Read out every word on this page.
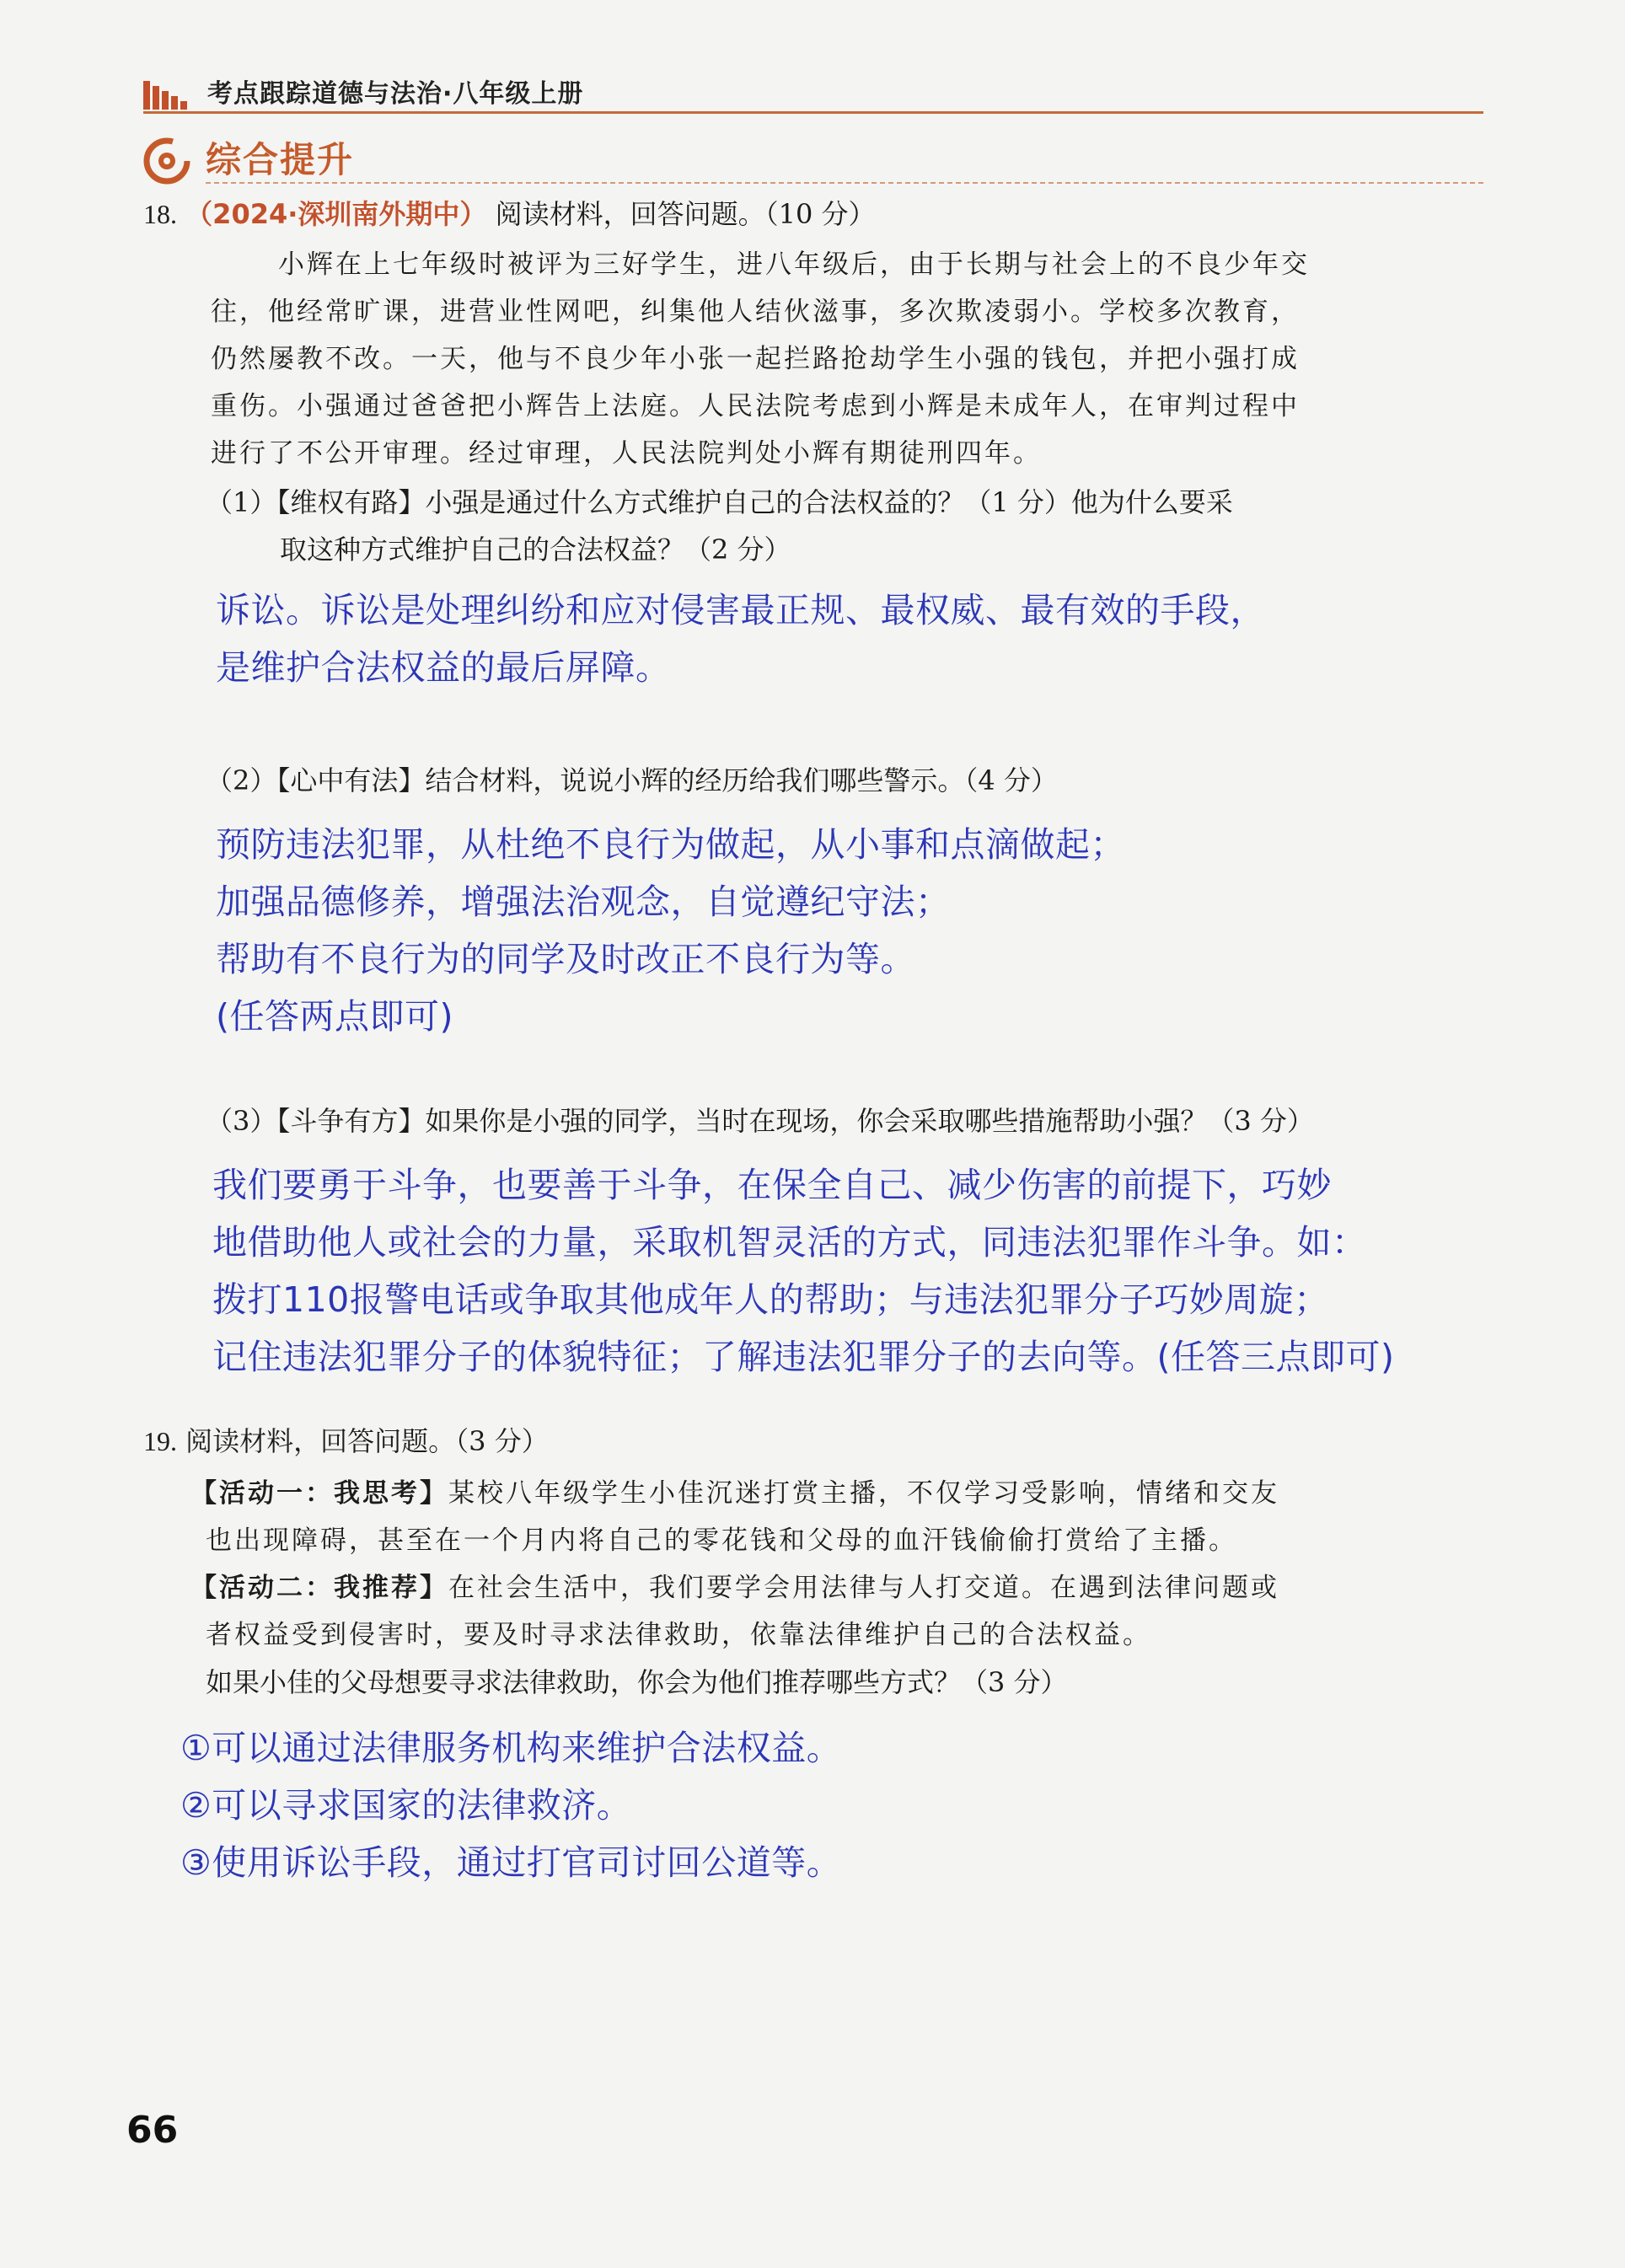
考点跟踪道德与法治·八年级上册
综合提升
18. （2024·深圳南外期中） 阅读材料，回答问题。（10 分）
小辉在上七年级时被评为三好学生，进八年级后，由于长期与社会上的不良少年交
往，他经常旷课，进营业性网吧，纠集他人结伙滋事，多次欺凌弱小。学校多次教育，
仍然屡教不改。一天，他与不良少年小张一起拦路抢劫学生小强的钱包，并把小强打成
重伤。小强通过爸爸把小辉告上法庭。人民法院考虑到小辉是未成年人，在审判过程中
进行了不公开审理。经过审理，人民法院判处小辉有期徒刑四年。
（1）【维权有路】小强是通过什么方式维护自己的合法权益的？（1 分）他为什么要采
取这种方式维护自己的合法权益？（2 分）
诉讼。诉讼是处理纠纷和应对侵害最正规、最权威、最有效的手段，
是维护合法权益的最后屏障。
（2）【心中有法】结合材料，说说小辉的经历给我们哪些警示。（4 分）
预防违法犯罪，从杜绝不良行为做起，从小事和点滴做起；
加强品德修养，增强法治观念，自觉遵纪守法；
帮助有不良行为的同学及时改正不良行为等。
(任答两点即可)
（3）【斗争有方】如果你是小强的同学，当时在现场，你会采取哪些措施帮助小强？（3 分）
我们要勇于斗争，也要善于斗争，在保全自己、减少伤害的前提下，巧妙
地借助他人或社会的力量，采取机智灵活的方式，同违法犯罪作斗争。如：
拨打110报警电话或争取其他成年人的帮助；与违法犯罪分子巧妙周旋；
记住违法犯罪分子的体貌特征；了解违法犯罪分子的去向等。(任答三点即可)
19. 阅读材料，回答问题。（3 分）
【活动一：我思考】某校八年级学生小佳沉迷打赏主播，不仅学习受影响，情绪和交友
也出现障碍，甚至在一个月内将自己的零花钱和父母的血汗钱偷偷打赏给了主播。
【活动二：我推荐】在社会生活中，我们要学会用法律与人打交道。在遇到法律问题或
者权益受到侵害时，要及时寻求法律救助，依靠法律维护自己的合法权益。
如果小佳的父母想要寻求法律救助，你会为他们推荐哪些方式？（3 分）
①可以通过法律服务机构来维护合法权益。
②可以寻求国家的法律救济。
③使用诉讼手段，通过打官司讨回公道等。
66
